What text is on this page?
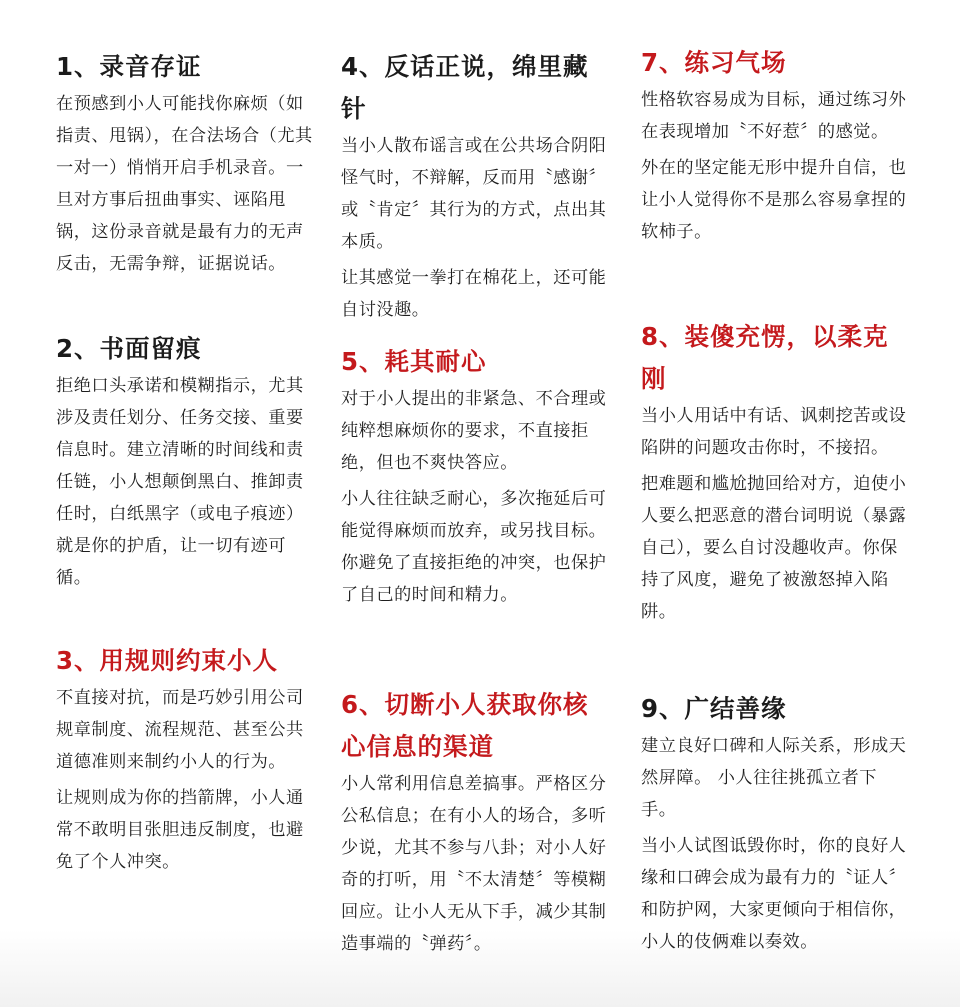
1、录音存证

在预感到小人可能找你麻烦（如指责、甩锅），在合法场合（尤其一对一）悄悄开启手机录音。一旦对方事后扭曲事实、诬陷甩锅，这份录音就是最有力的无声反击，无需争辩，证据说话。

2、书面留痕

拒绝口头承诺和模糊指示，尤其涉及责任划分、任务交接、重要信息时。建立清晰的时间线和责任链，小人想颠倒黑白、推卸责任时，白纸黑字（或电子痕迹）就是你的护盾，让一切有迹可循。

3、用规则约束小人

不直接对抗，而是巧妙引用公司规章制度、流程规范、甚至公共道德准则来制约小人的行为。

让规则成为你的挡箭牌，小人通常不敢明目张胆违反制度，也避免了个人冲突。

4、反话正说，绵里藏针

当小人散布谣言或在公共场合阴阳怪气时，不辩解，反而用〝感谢〞或〝肯定〞其行为的方式，点出其本质。

让其感觉一拳打在棉花上，还可能自讨没趣。

5、耗其耐心

对于小人提出的非紧急、不合理或纯粹想麻烦你的要求，不直接拒绝，但也不爽快答应。

小人往往缺乏耐心，多次拖延后可能觉得麻烦而放弃，或另找目标。你避免了直接拒绝的冲突，也保护了自己的时间和精力。

6、切断小人获取你核心信息的渠道

小人常利用信息差搞事。严格区分公私信息；在有小人的场合，多听少说，尤其不参与八卦；对小人好奇的打听，用〝不太清楚〞等模糊回应。让小人无从下手，减少其制造事端的〝弹药〞。

7、练习气场

性格软容易成为目标，通过练习外在表现增加〝不好惹〞的感觉。

外在的坚定能无形中提升自信，也让小人觉得你不是那么容易拿捏的软柿子。

8、装傻充愣，以柔克刚

当小人用话中有话、讽刺挖苦或设陷阱的问题攻击你时，不接招。

把难题和尴尬抛回给对方，迫使小人要么把恶意的潜台词明说（暴露自己），要么自讨没趣收声。你保持了风度，避免了被激怒掉入陷阱。

9、广结善缘

建立良好口碑和人际关系，形成天然屏障。 小人往往挑孤立者下手。

当小人试图诋毁你时，你的良好人缘和口碑会成为最有力的〝证人〞和防护网，大家更倾向于相信你，小人的伎俩难以奏效。
